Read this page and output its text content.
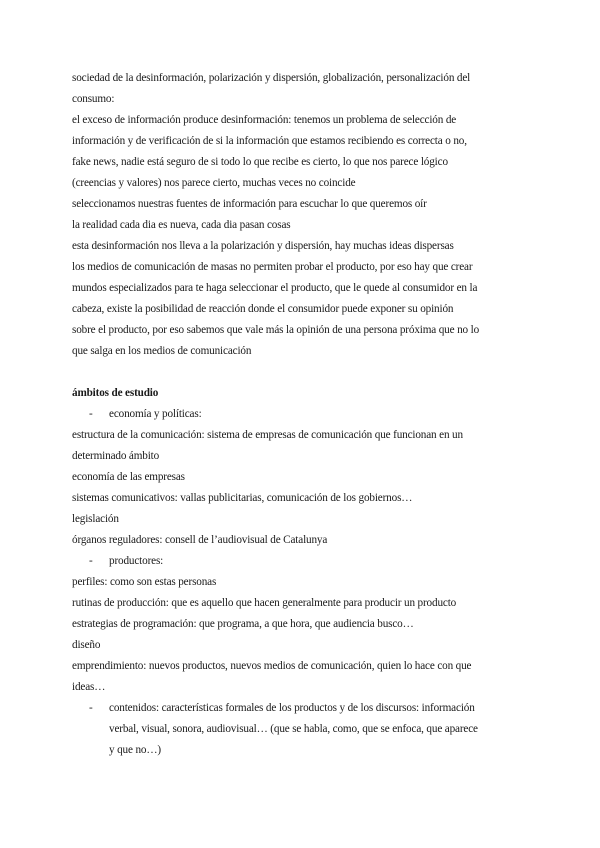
sociedad de la desinformación, polarización y dispersión, globalización, personalización del
consumo:
el exceso de información produce desinformación: tenemos un problema de selección de
información y de verificación de si la información que estamos recibiendo es correcta o no,
fake news, nadie está seguro de si todo lo que recibe es cierto, lo que nos parece lógico
(creencias y valores) nos parece cierto, muchas veces no coincide
seleccionamos nuestras fuentes de información para escuchar lo que queremos oír
la realidad cada dia es nueva, cada dia pasan cosas
esta desinformación nos lleva a la polarización y dispersión, hay muchas ideas dispersas
los medios de comunicación de masas no permiten probar el producto, por eso hay que crear
mundos especializados para te haga seleccionar el producto, que le quede al consumidor en la
cabeza, existe la posibilidad de reacción donde el consumidor puede exponer su opinión
sobre el producto, por eso sabemos que vale más la opinión de una persona próxima que no lo
que salga en los medios de comunicación
ámbitos de estudio
- economía y políticas:
estructura de la comunicación: sistema de empresas de comunicación que funcionan en un
determinado ámbito
economía de las empresas
sistemas comunicativos: vallas publicitarias, comunicación de los gobiernos…
legislación
órganos reguladores: consell de l’audiovisual de Catalunya
- productores:
perfiles: como son estas personas
rutinas de producción: que es aquello que hacen generalmente para producir un producto
estrategias de programación: que programa, a que hora, que audiencia busco…
diseño
emprendimiento: nuevos productos, nuevos medios de comunicación, quien lo hace con que
ideas…
- contenidos: características formales de los productos y de los discursos: información
verbal, visual, sonora, audiovisual… (que se habla, como, que se enfoca, que aparece
y que no…)
